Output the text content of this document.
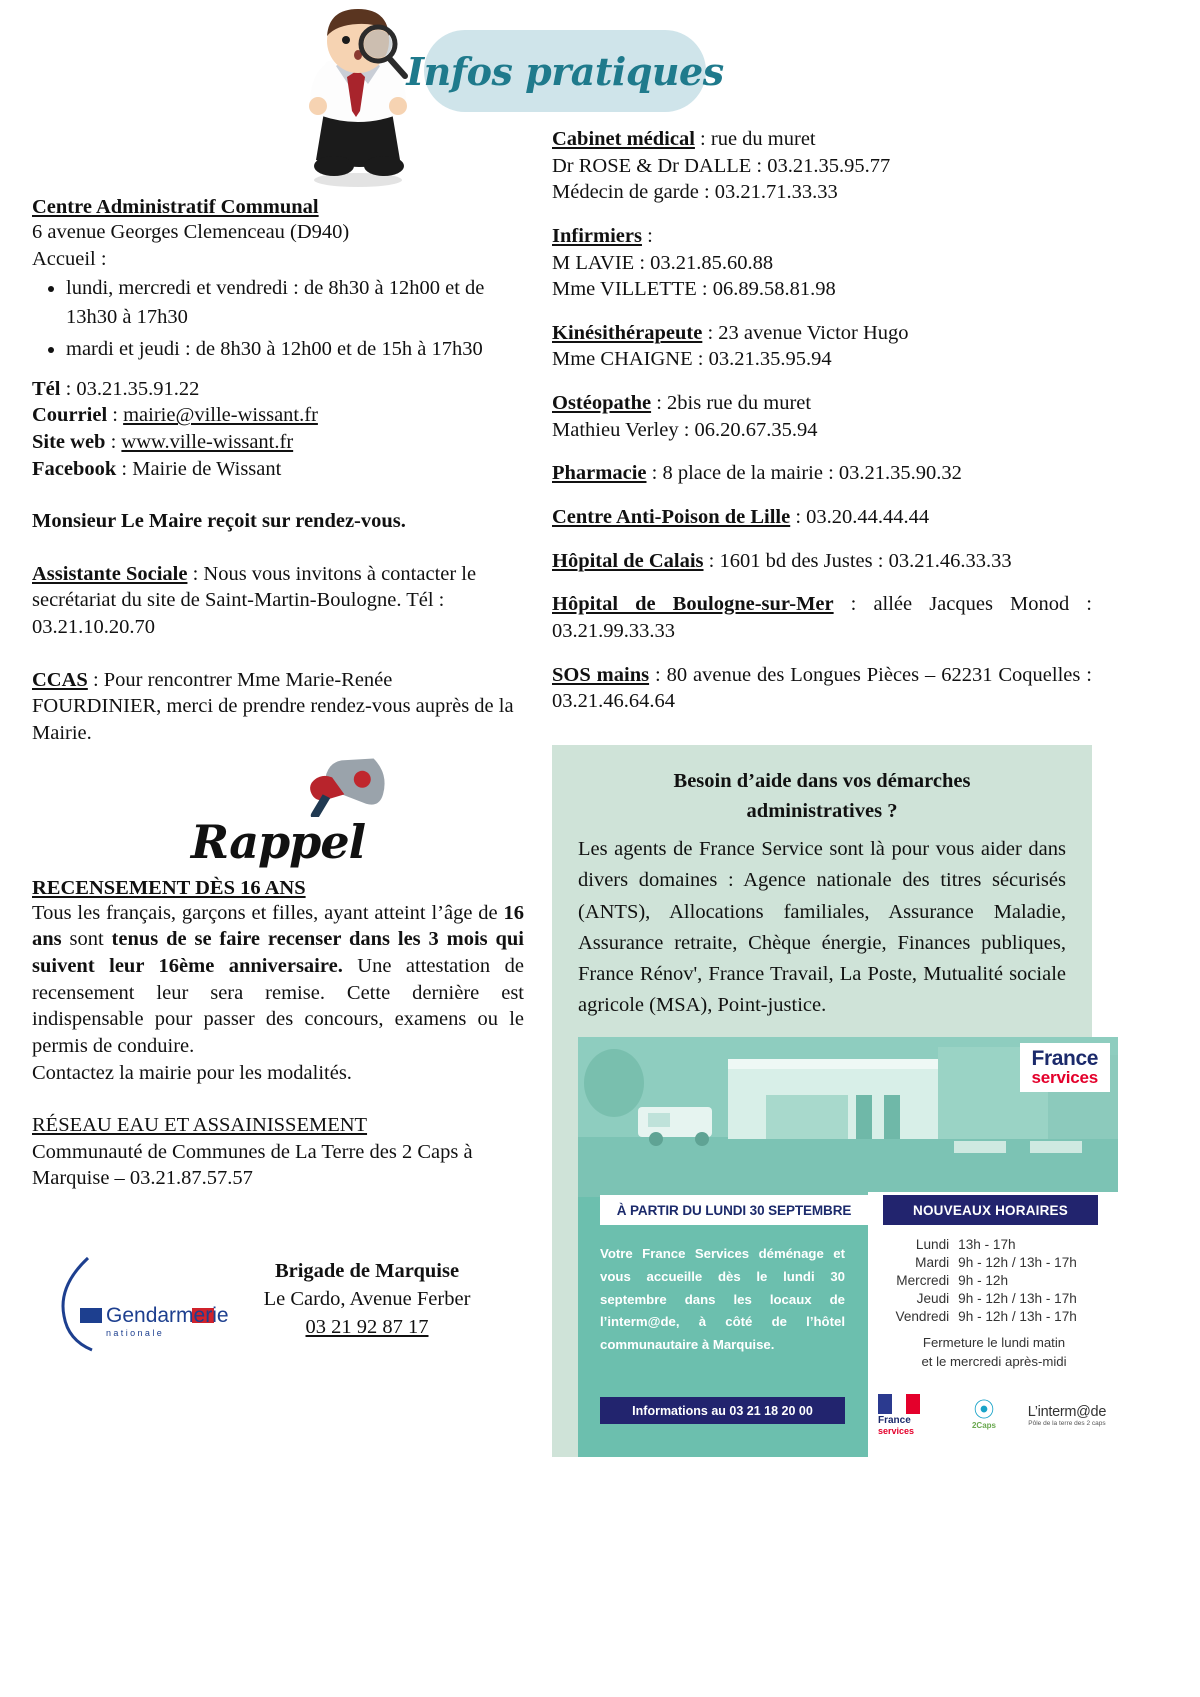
Infos pratiques
Centre Administratif Communal
6 avenue Georges Clemenceau (D940)
Accueil :
• lundi, mercredi et vendredi : de 8h30 à 12h00 et de 13h30 à 17h30
• mardi et jeudi : de 8h30 à 12h00 et de 15h à 17h30
Tél : 03.21.35.91.22
Courriel : mairie@ville-wissant.fr
Site web : www.ville-wissant.fr
Facebook : Mairie de Wissant
Monsieur Le Maire reçoit sur rendez-vous.
Assistante Sociale : Nous vous invitons à contacter le secrétariat du site de Saint-Martin-Boulogne. Tél : 03.21.10.20.70
CCAS : Pour rencontrer Mme Marie-Renée FOURDINIER, merci de prendre rendez-vous auprès de la Mairie.
Rappel
RECENSEMENT DÈS 16 ANS
Tous les français, garçons et filles, ayant atteint l’âge de 16 ans sont tenus de se faire recenser dans les 3 mois qui suivent leur 16ème anniversaire. Une attestation de recensement leur sera remise. Cette dernière est indispensable pour passer des concours, examens ou le permis de conduire.
Contactez la mairie pour les modalités.
RÉSEAU EAU ET ASSAINISSEMENT
Communauté de Communes de La Terre des 2 Caps à Marquise – 03.21.87.57.57
Gendarmerie
nationale
Brigade de Marquise
Le Cardo, Avenue Ferber
03 21 92 87 17
Cabinet médical : rue du muret
Dr ROSE & Dr DALLE : 03.21.35.95.77
Médecin de garde : 03.21.71.33.33
Infirmiers :
M LAVIE : 03.21.85.60.88
Mme VILLETTE : 06.89.58.81.98
Kinésithérapeute : 23 avenue Victor Hugo
Mme CHAIGNE : 03.21.35.95.94
Ostéopathe : 2bis rue du muret
Mathieu Verley : 06.20.67.35.94
Pharmacie : 8 place de la mairie : 03.21.35.90.32
Centre Anti-Poison de Lille : 03.20.44.44.44
Hôpital de Calais : 1601 bd des Justes : 03.21.46.33.33
Hôpital de Boulogne-sur-Mer : allée Jacques Monod : 03.21.99.33.33
SOS mains : 80 avenue des Longues Pièces – 62231 Coquelles : 03.21.46.64.64
Besoin d’aide dans vos démarches
administratives ?
Les agents de France Service sont là pour vous aider dans divers domaines : Agence nationale des titres sécurisés (ANTS), Allocations familiales, Assurance Maladie, Assurance retraite, Chèque énergie, Finances publiques, France Rénov', France Travail, La Poste, Mutualité sociale agricole (MSA), Point-justice.
France
services
À PARTIR DU LUNDI 30 SEPTEMBRE	NOUVEAUX HORAIRES
Votre France Services déménage et vous accueille dès le lundi 30 septembre dans les locaux de l’interm@de, à côté de l’hôtel communautaire à Marquise.
Informations au 03 21 18 20 00
Lundi	13h - 17h
Mardi	9h - 12h / 13h - 17h
Mercredi	9h - 12h
Jeudi	9h - 12h / 13h - 17h
Vendredi	9h - 12h / 13h - 17h
Fermeture le lundi matin
et le mercredi après-midi
France
services
⦿
2Caps
L’interm@de
Pôle de la terre des 2 caps
